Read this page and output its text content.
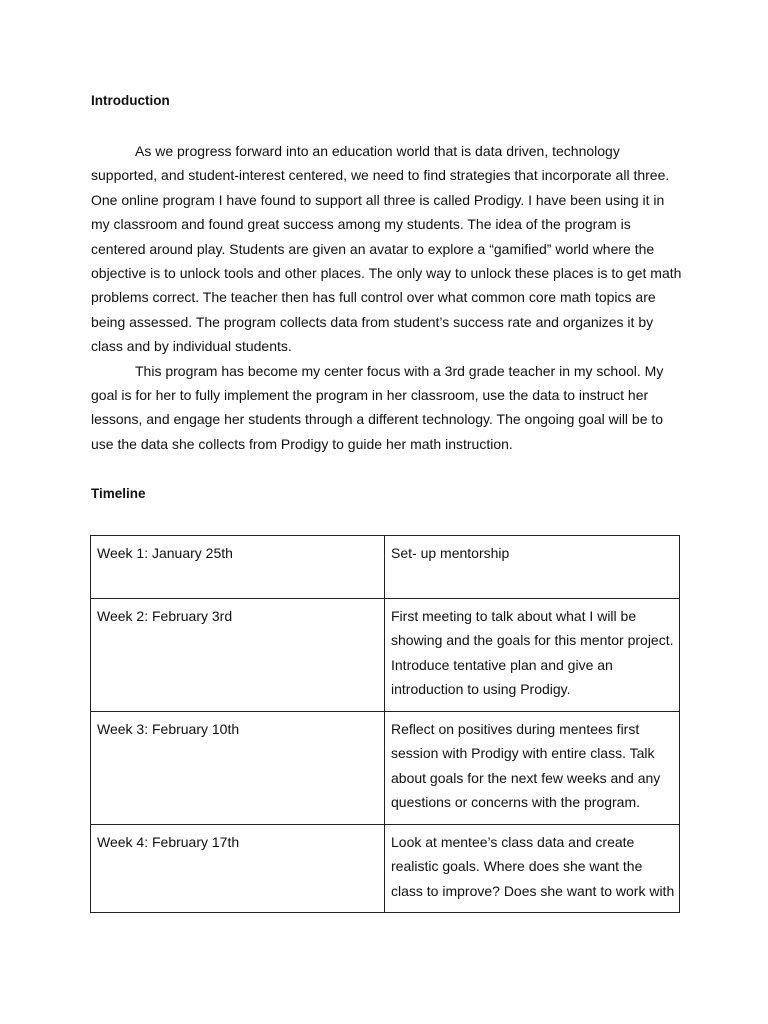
Introduction
As we progress forward into an education world that is data driven, technology
supported, and student-interest centered, we need to find strategies that incorporate all three.
One online program I have found to support all three is called Prodigy. I have been using it in
my classroom and found great success among my students. The idea of the program is
centered around play. Students are given an avatar to explore a “gamified” world where the
objective is to unlock tools and other places. The only way to unlock these places is to get math
problems correct. The teacher then has full control over what common core math topics are
being assessed. The program collects data from student’s success rate and organizes it by
class and by individual students.
This program has become my center focus with a 3rd grade teacher in my school. My
goal is for her to fully implement the program in her classroom, use the data to instruct her
lessons, and engage her students through a different technology. The ongoing goal will be to
use the data she collects from Prodigy to guide her math instruction.
Timeline
Week 1: January 25th	Set- up mentorship

Week 2: February 3rd	First meeting to talk about what I will be
showing and the goals for this mentor project.
Introduce tentative plan and give an
introduction to using Prodigy.

Week 3: February 10th	Reflect on positives during mentees first
session with Prodigy with entire class. Talk
about goals for the next few weeks and any
questions or concerns with the program.

Week 4: February 17th	Look at mentee’s class data and create
realistic goals. Where does she want the
class to improve? Does she want to work with
